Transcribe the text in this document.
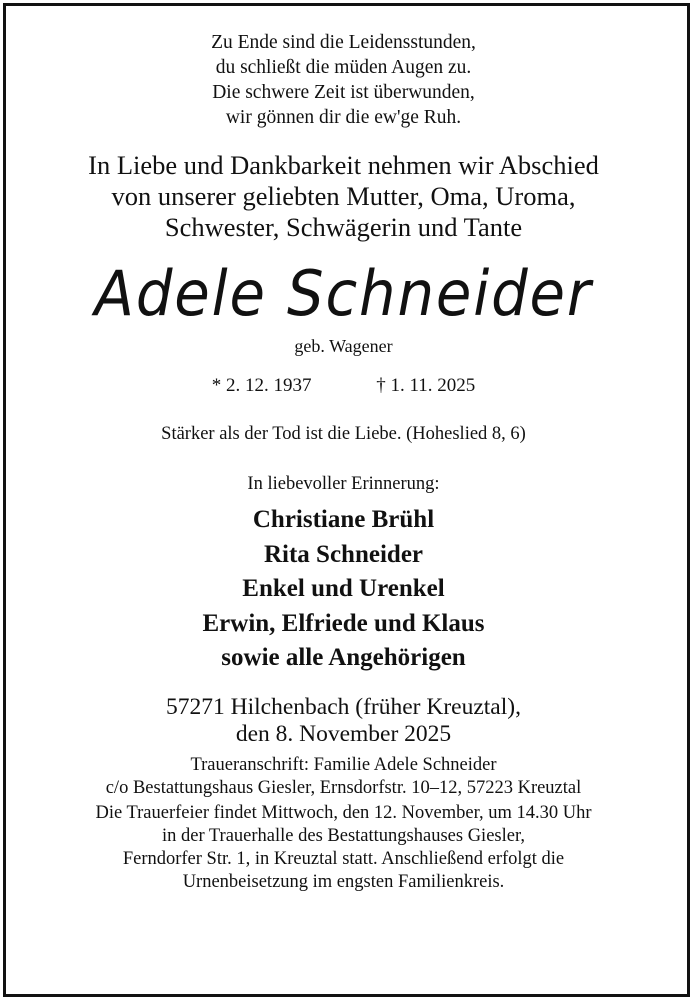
Zu Ende sind die Leidensstunden,
du schließt die müden Augen zu.
Die schwere Zeit ist überwunden,
wir gönnen dir die ew'ge Ruh.
In Liebe und Dankbarkeit nehmen wir Abschied
von unserer geliebten Mutter, Oma, Uroma,
Schwester, Schwägerin und Tante
Adele Schneider
geb. Wagener
* 2. 12. 1937	† 1. 11. 2025
Stärker als der Tod ist die Liebe. (Hoheslied 8, 6)
In liebevoller Erinnerung:
Christiane Brühl
Rita Schneider
Enkel und Urenkel
Erwin, Elfriede und Klaus
sowie alle Angehörigen
57271 Hilchenbach (früher Kreuztal),
den 8. November 2025
Traueranschrift: Familie Adele Schneider
c/o Bestattungshaus Giesler, Ernsdorfstr. 10–12, 57223 Kreuztal
Die Trauerfeier findet Mittwoch, den 12. November, um 14.30 Uhr
in der Trauerhalle des Bestattungshauses Giesler,
Ferndorfer Str. 1, in Kreuztal statt. Anschließend erfolgt die
Urnenbeisetzung im engsten Familienkreis.
